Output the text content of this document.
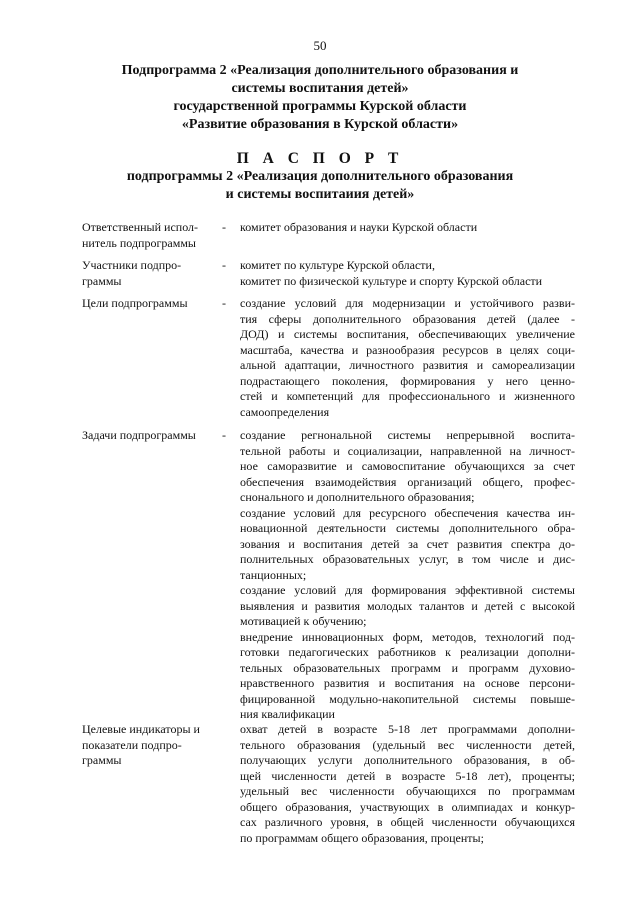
50
Подпрограмма 2 «Реализация дополнительного образования и
системы воспитания детей»
государственной программы Курской области
«Развитие образования в Курской области»
П А С П О Р Т
подпрограммы 2 «Реализация дополнительного образования
и системы воспитаиия детей»
Ответственный испол-
нитель подпрограммы
- комитет образования и науки Курской области
Участники подпро-
граммы
- комитет по культуре Курской области,
комитет по физической культуре и спорту Курской области
Цели подпрограммы	- создание условий для модернизации и устойчивого разви-
тия сферы дополнительного образования детей (далее -
ДОД) и системы воспитания, обеспечивающих увеличение
масштаба, качества и разнообразия ресурсов в целях соци-
альной адаптации, личностного развития и самореализации
подрастающего поколения, формирования у него ценно-
стей и компетенций для профессионального и жизненного
самоопределения
Задачи подпрограммы	- создание регнональной системы непрерывной воспита-
тельной работы и социализации, направленной на личност-
ное саморазвитие и самовоспитание обучающихся за счет
обеспечения взаимодействия организаций общего, профес-
снонального и дополнительного образования;
создание условий для ресурсного обеспечения качества ин-
новационной деятельности системы дополнительного обра-
зования и воспитания детей за счет развития спектра до-
полнительных образовательных услуг, в том числе и дис-
танционных;
создание условий для формирования эффективной системы
выявления и развития молодых талантов и детей с высокой
мотивацией к обучению;
внедрение инновационных форм, методов, технологий под-
готовки педагогических работников к реализации дополни-
тельных образовательных программ и программ духовио-
нравственного развития и воспитания на основе персони-
фицированной модульно-накопительной системы повыше-
ния квалификации
Целевые индикаторы и
показатели подпро-
граммы
охват детей в возрасте 5-18 лет программами дополни-
тельного образования (удельный вес численности детей,
получающих услуги дополнительного образования, в об-
щей численности детей в возрасте 5-18 лет), проценты;
удельный вес численности обучающихся по программам
общего образования, участвующих в олимпиадах и конкур-
сах различного уровня, в общей численности обучающихся
по программам общего образования, проценты;
